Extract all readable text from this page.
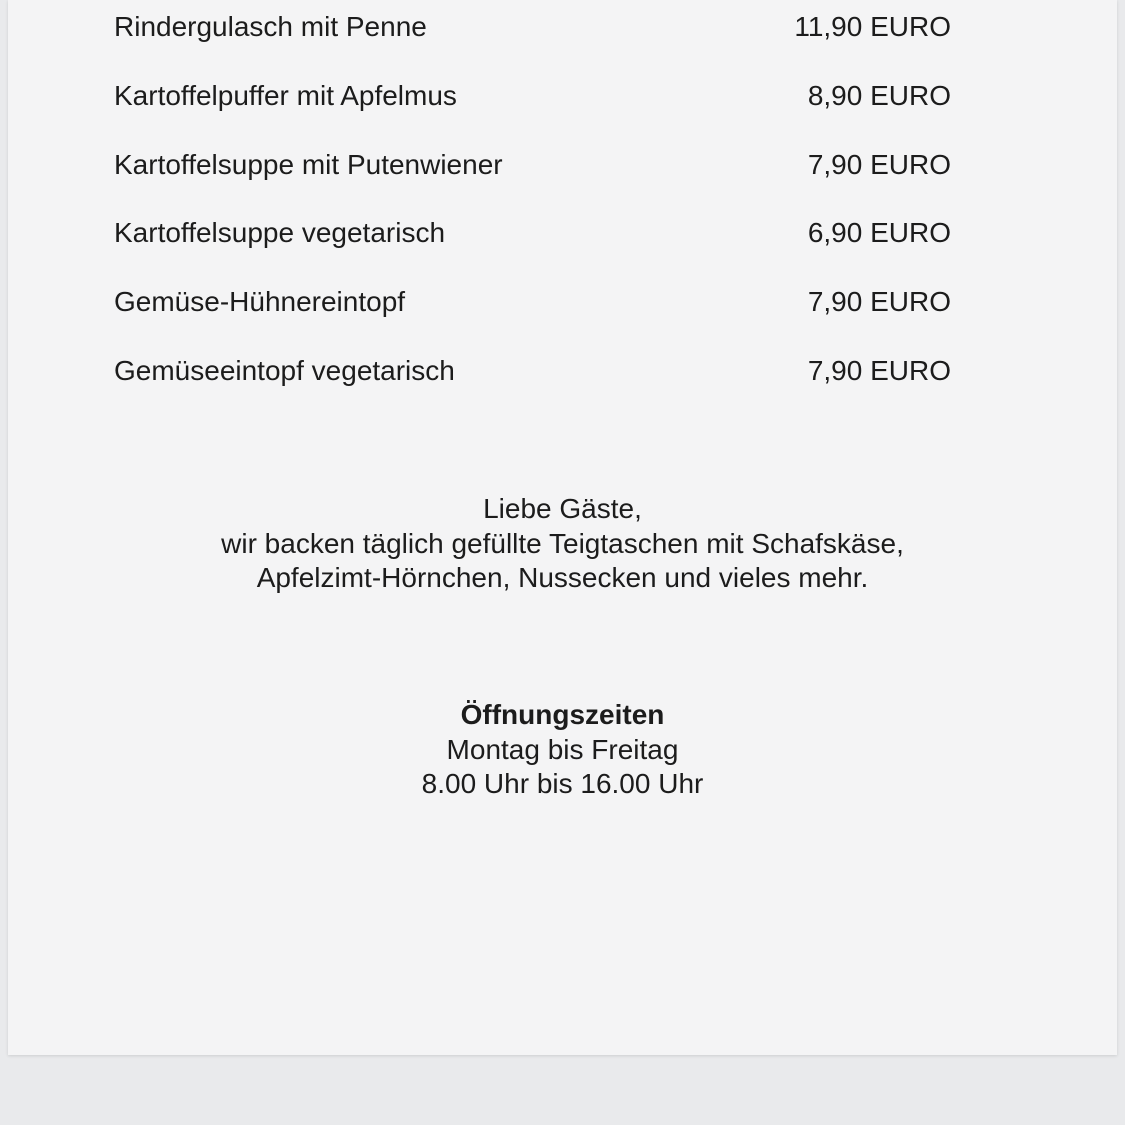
Rindergulasch mit Penne	11,90 EURO
Kartoffelpuffer mit Apfelmus	8,90 EURO
Kartoffelsuppe mit Putenwiener	7,90 EURO
Kartoffelsuppe vegetarisch	6,90 EURO
Gemüse-Hühnereintopf	7,90 EURO
Gemüseeintopf vegetarisch	7,90 EURO
Liebe Gäste,
wir backen täglich gefüllte Teigtaschen mit Schafskäse,
Apfelzimt-Hörnchen, Nussecken und vieles mehr.
Öffnungszeiten
Montag bis Freitag
8.00 Uhr bis 16.00 Uhr
